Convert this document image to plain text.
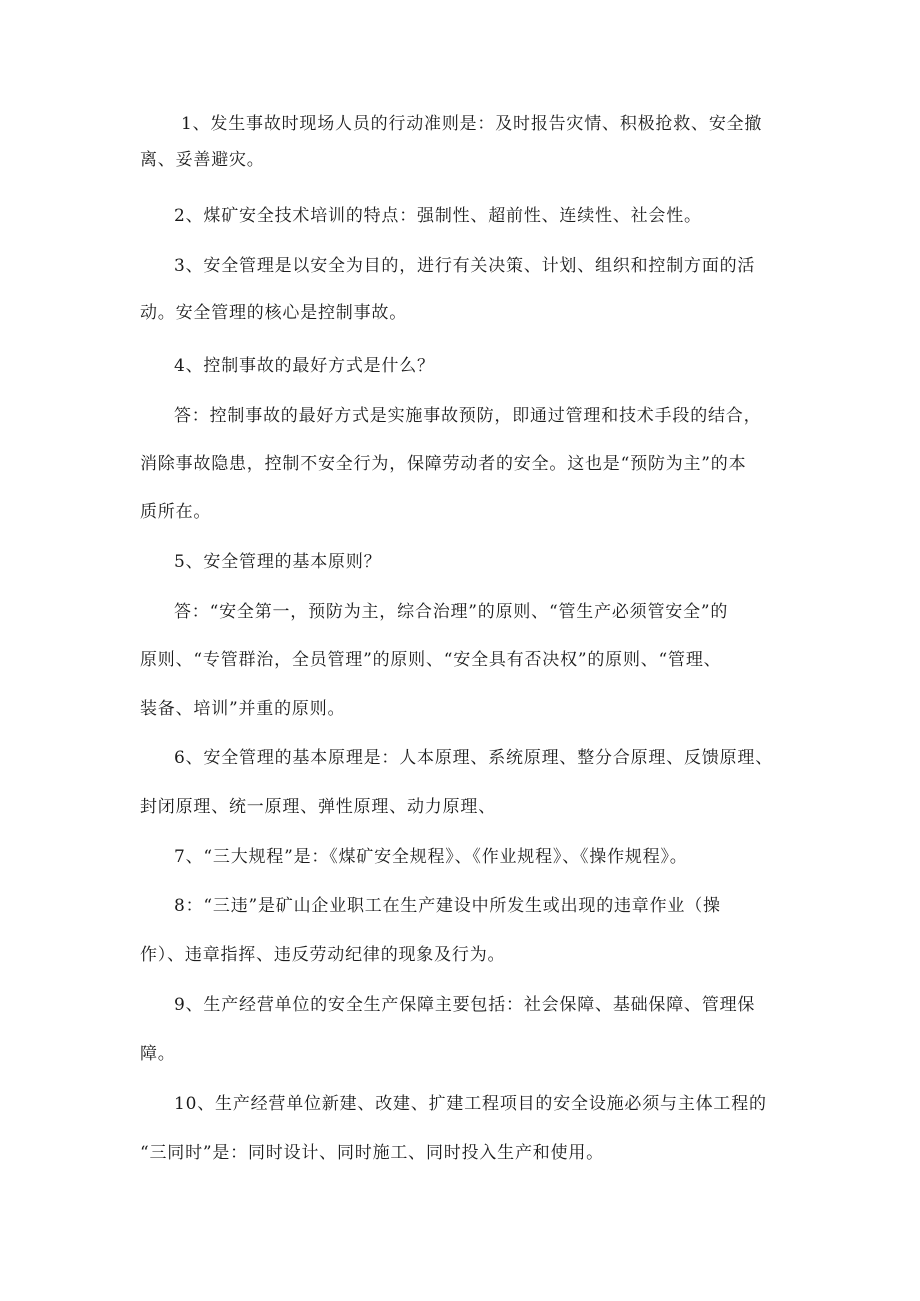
1、发生事故时现场人员的行动准则是：及时报告灾情、积极抢救、安全撤
离、妥善避灾。
2、煤矿安全技术培训的特点：强制性、超前性、连续性、社会性。
3、安全管理是以安全为目的，进行有关决策、计划、组织和控制方面的活
动。安全管理的核心是控制事故。
4、控制事故的最好方式是什么？
答：控制事故的最好方式是实施事故预防，即通过管理和技术手段的结合，
消除事故隐患，控制不安全行为，保障劳动者的安全。这也是“预防为主”的本
质所在。
5、安全管理的基本原则？
答：“安全第一，预防为主，综合治理”的原则、“管生产必须管安全”的
原则、“专管群治，全员管理”的原则、“安全具有否决权”的原则、“管理、
装备、培训”并重的原则。
6、安全管理的基本原理是：人本原理、系统原理、整分合原理、反馈原理、
封闭原理、统一原理、弹性原理、动力原理、
7、“三大规程”是：《煤矿安全规程》、《作业规程》、《操作规程》。
8：“三违”是矿山企业职工在生产建设中所发生或出现的违章作业（操
作）、违章指挥、违反劳动纪律的现象及行为。
9、生产经营单位的安全生产保障主要包括：社会保障、基础保障、管理保
障。
10、生产经营单位新建、改建、扩建工程项目的安全设施必须与主体工程的
“三同时”是：同时设计、同时施工、同时投入生产和使用。
